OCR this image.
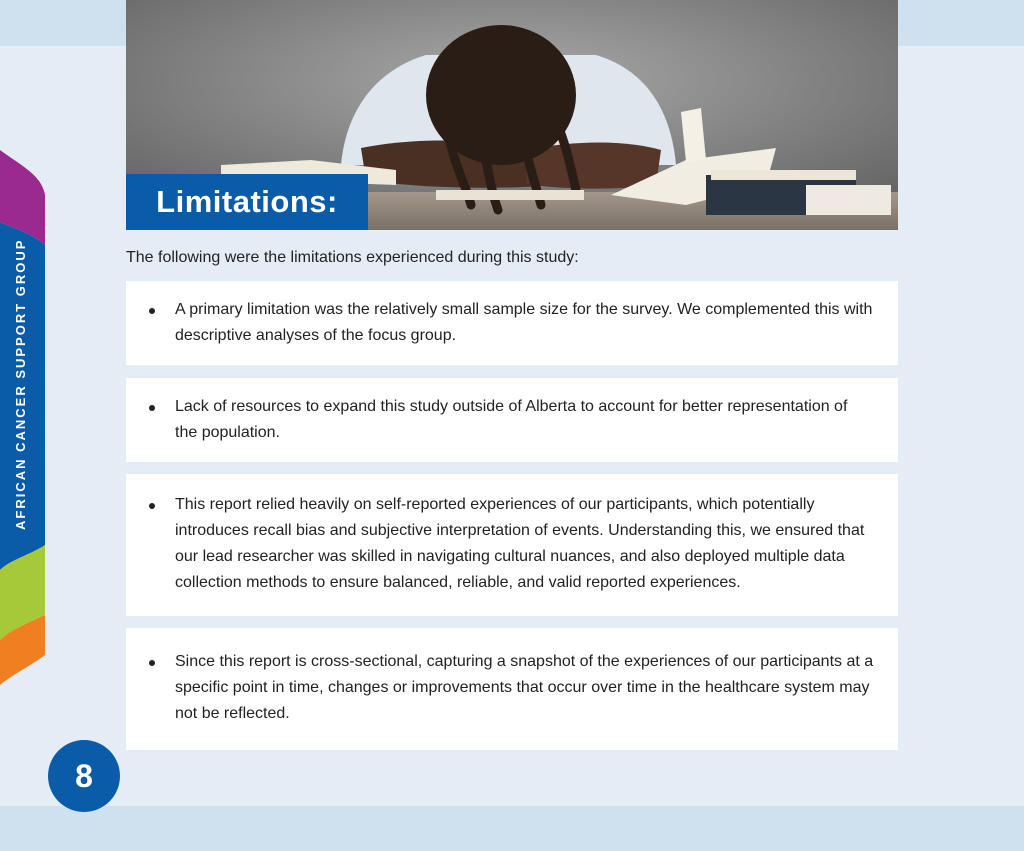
AFRICAN CANCER SUPPORT GROUP
Limitations:
The following were the limitations experienced during this study:
A primary limitation was the relatively small sample size for the survey. We complemented this with descriptive analyses of the focus group.
Lack of resources to expand this study outside of Alberta to account for better representation of the population.
This report relied heavily on self-reported experiences of our participants, which potentially introduces recall bias and subjective interpretation of events. Understanding this, we ensured that our lead researcher was skilled in navigating cultural nuances, and also deployed multiple data collection methods to ensure balanced, reliable, and valid reported experiences.
Since this report is cross-sectional, capturing a snapshot of the experiences of our participants at a specific point in time, changes or improvements that occur over time in the healthcare system may not be reflected.
8
